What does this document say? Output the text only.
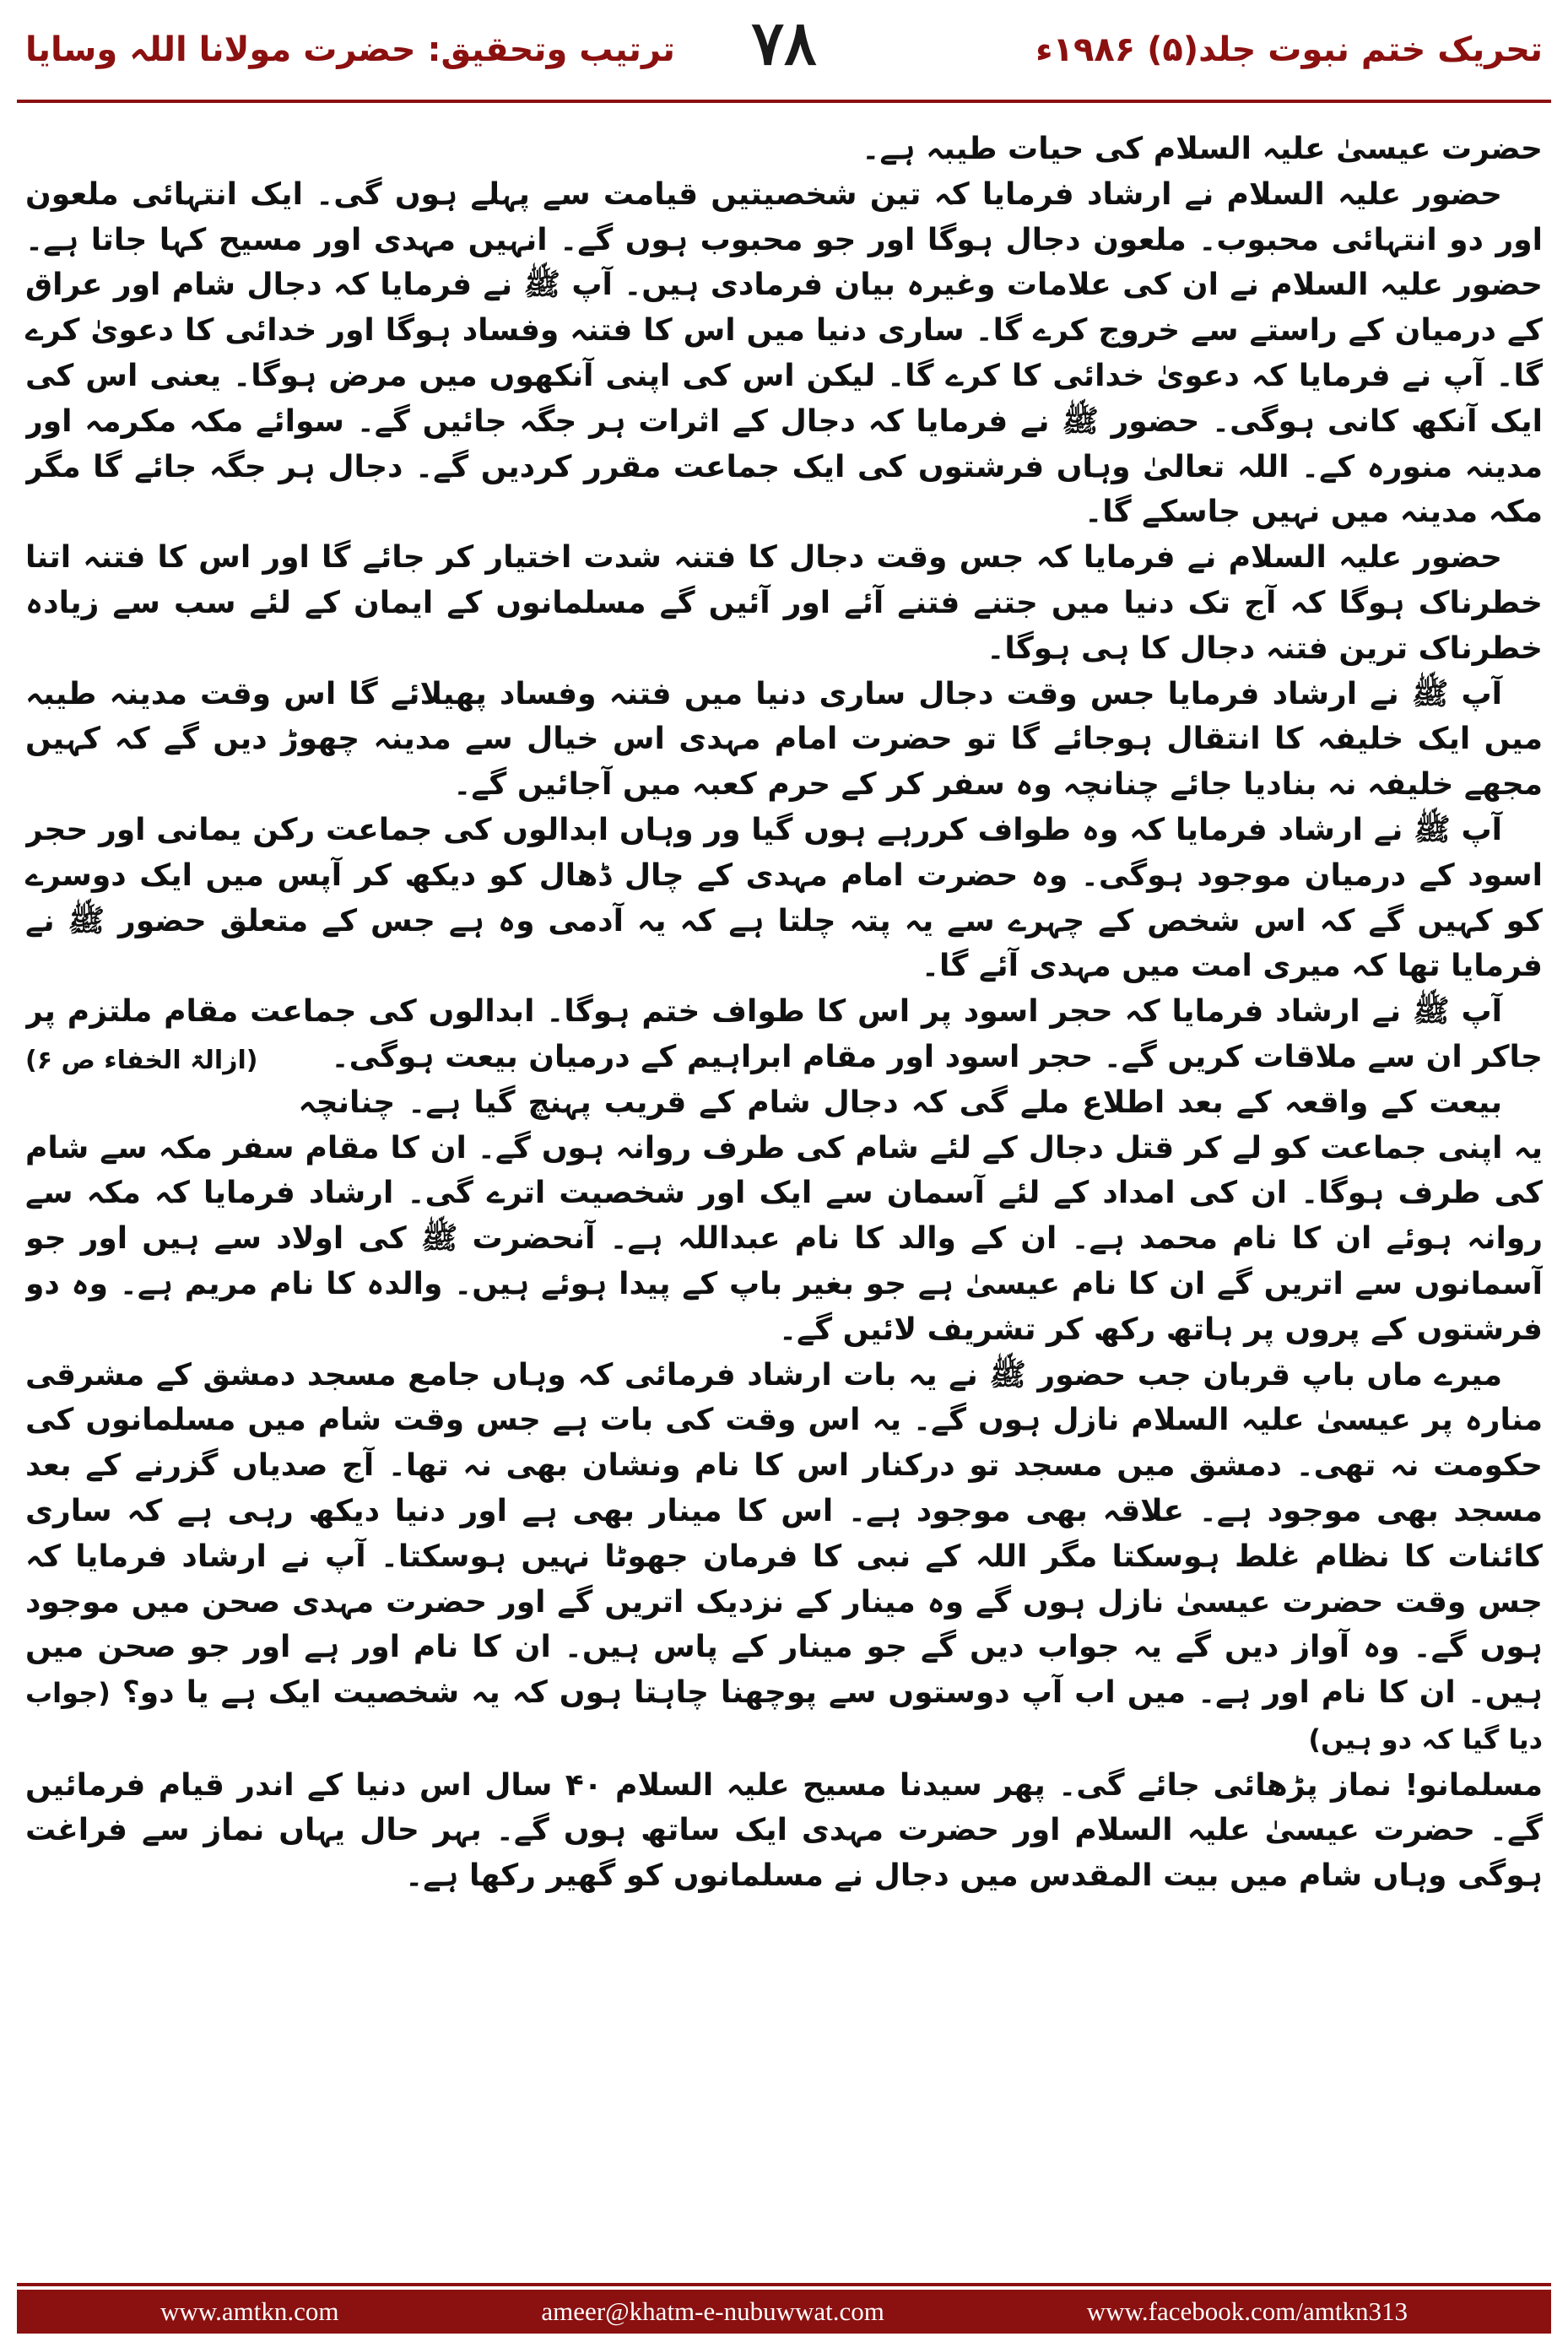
ترتیب وتحقیق: حضرت مولانا اللہ وسایا ۷۸	تحریک ختم نبوت جلد(۵) ۱۹۸۶ء

حضرت عیسیٰ علیہ السلام کی حیات طیبہ ہے۔

حضور علیہ السلام نے ارشاد فرمایا کہ تین شخصیتیں قیامت سے پہلے ہوں گی۔ ایک انتہائی ملعون اور دو انتہائی محبوب۔ ملعون دجال ہوگا اور جو محبوب ہوں گے۔ انہیں مہدی اور مسیح کہا جاتا ہے۔ حضور علیہ السلام نے ان کی علامات وغیرہ بیان فرمادی ہیں۔ آپ ﷺ نے فرمایا کہ دجال شام اور عراق کے درمیان کے راستے سے خروج کرے گا۔ ساری دنیا میں اس کا فتنہ وفساد ہوگا اور خدائی کا دعویٰ کرے گا۔ آپ نے فرمایا کہ دعویٰ خدائی کا کرے گا۔ لیکن اس کی اپنی آنکھوں میں مرض ہوگا۔ یعنی اس کی ایک آنکھ کانی ہوگی۔ حضور ﷺ نے فرمایا کہ دجال کے اثرات ہر جگہ جائیں گے۔ سوائے مکہ مکرمہ اور مدینہ منورہ کے۔ اللہ تعالیٰ وہاں فرشتوں کی ایک جماعت مقرر کردیں گے۔ دجال ہر جگہ جائے گا مگر مکہ مدینہ میں نہیں جاسکے گا۔

حضور علیہ السلام نے فرمایا کہ جس وقت دجال کا فتنہ شدت اختیار کر جائے گا اور اس کا فتنہ اتنا خطرناک ہوگا کہ آج تک دنیا میں جتنے فتنے آئے اور آئیں گے مسلمانوں کے ایمان کے لئے سب سے زیادہ خطرناک ترین فتنہ دجال کا ہی ہوگا۔

آپ ﷺ نے ارشاد فرمایا جس وقت دجال ساری دنیا میں فتنہ وفساد پھیلائے گا اس وقت مدینہ طیبہ میں ایک خلیفہ کا انتقال ہوجائے گا تو حضرت امام مہدی اس خیال سے مدینہ چھوڑ دیں گے کہ کہیں مجھے خلیفہ نہ بنادیا جائے چنانچہ وہ سفر کر کے حرم کعبہ میں آجائیں گے۔

آپ ﷺ نے ارشاد فرمایا کہ وہ طواف کررہے ہوں گیا ور وہاں ابدالوں کی جماعت رکن یمانی اور حجر اسود کے درمیان موجود ہوگی۔ وہ حضرت امام مہدی کے چال ڈھال کو دیکھ کر آپس میں ایک دوسرے کو کہیں گے کہ اس شخص کے چہرے سے یہ پتہ چلتا ہے کہ یہ آدمی وہ ہے جس کے متعلق حضور ﷺ نے فرمایا تھا کہ میری امت میں مہدی آئے گا۔

آپ ﷺ نے ارشاد فرمایا کہ حجر اسود پر اس کا طواف ختم ہوگا۔ ابدالوں کی جماعت مقام ملتزم پر جاکر ان سے ملاقات کریں گے۔ حجر اسود اور مقام ابراہیم کے درمیان بیعت ہوگی۔
(ازالۃ الخفاء ص ۶)

بیعت کے واقعہ کے بعد اطلاع ملے گی کہ دجال شام کے قریب پہنچ گیا ہے۔ چنانچہ یہ اپنی جماعت کو لے کر قتل دجال کے لئے شام کی طرف روانہ ہوں گے۔ ان کا مقام سفر مکہ سے شام کی طرف ہوگا۔ ان کی امداد کے لئے آسمان سے ایک اور شخصیت اترے گی۔ ارشاد فرمایا کہ مکہ سے روانہ ہوئے ان کا نام محمد ہے۔ ان کے والد کا نام عبداللہ ہے۔ آنحضرت ﷺ کی اولاد سے ہیں اور جو آسمانوں سے اتریں گے ان کا نام عیسیٰ ہے جو بغیر باپ کے پیدا ہوئے ہیں۔ والدہ کا نام مریم ہے۔ وہ دو فرشتوں کے پروں پر ہاتھ رکھ کر تشریف لائیں گے۔

میرے ماں باپ قربان جب حضور ﷺ نے یہ بات ارشاد فرمائی کہ وہاں جامع مسجد دمشق کے مشرقی منارہ پر عیسیٰ علیہ السلام نازل ہوں گے۔ یہ اس وقت کی بات ہے جس وقت شام میں مسلمانوں کی حکومت نہ تھی۔ دمشق میں مسجد تو درکنار اس کا نام ونشان بھی نہ تھا۔ آج صدیاں گزرنے کے بعد مسجد بھی موجود ہے۔ علاقہ بھی موجود ہے۔ اس کا مینار بھی ہے اور دنیا دیکھ رہی ہے کہ ساری کائنات کا نظام غلط ہوسکتا مگر اللہ کے نبی کا فرمان جھوٹا نہیں ہوسکتا۔ آپ نے ارشاد فرمایا کہ جس وقت حضرت عیسیٰ نازل ہوں گے وہ مینار کے نزدیک اتریں گے اور حضرت مہدی صحن میں موجود ہوں گے۔ وہ آواز دیں گے یہ جواب دیں گے جو مینار کے پاس ہیں۔ ان کا نام اور ہے اور جو صحن میں ہیں۔ ان کا نام اور ہے۔ میں اب آپ دوستوں سے پوچھنا چاہتا ہوں کہ یہ شخصیت ایک ہے یا دو؟ (جواب دیا گیا کہ دو ہیں)

مسلمانو! نماز پڑھائی جائے گی۔ پھر سیدنا مسیح علیہ السلام ۴۰ سال اس دنیا کے اندر قیام فرمائیں گے۔ حضرت عیسیٰ علیہ السلام اور حضرت مہدی ایک ساتھ ہوں گے۔ بہر حال یہاں نماز سے فراغت ہوگی وہاں شام میں بیت المقدس میں دجال نے مسلمانوں کو گھیر رکھا ہے۔

www.amtkn.com	ameer@khatm-e-nubuwwat.com	www.facebook.com/amtkn313
